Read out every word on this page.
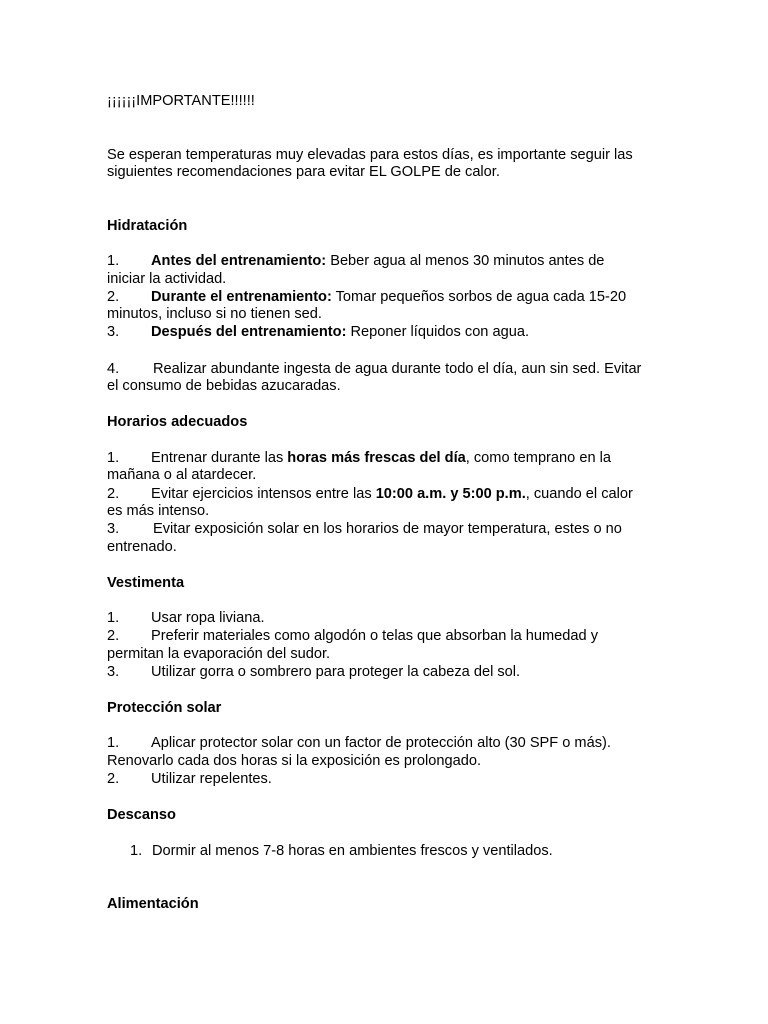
¡¡¡¡¡¡IMPORTANTE!!!!!!
Se esperan temperaturas muy elevadas para estos días, es importante seguir las
siguientes recomendaciones para evitar EL GOLPE de calor.
Hidratación
1. Antes del entrenamiento: Beber agua al menos 30 minutos antes de
iniciar la actividad.
2. Durante el entrenamiento: Tomar pequeños sorbos de agua cada 15-20
minutos, incluso si no tienen sed.
3. Después del entrenamiento: Reponer líquidos con agua.
4. Realizar abundante ingesta de agua durante todo el día, aun sin sed. Evitar
el consumo de bebidas azucaradas.
Horarios adecuados
1. Entrenar durante las horas más frescas del día, como temprano en la
mañana o al atardecer.
2. Evitar ejercicios intensos entre las 10:00 a.m. y 5:00 p.m., cuando el calor
es más intenso.
3. Evitar exposición solar en los horarios de mayor temperatura, estes o no
entrenado.
Vestimenta
1. Usar ropa liviana.
2. Preferir materiales como algodón o telas que absorban la humedad y
permitan la evaporación del sudor.
3. Utilizar gorra o sombrero para proteger la cabeza del sol.
Protección solar
1. Aplicar protector solar con un factor de protección alto (30 SPF o más).
Renovarlo cada dos horas si la exposición es prolongado.
2. Utilizar repelentes.
Descanso
1. Dormir al menos 7-8 horas en ambientes frescos y ventilados.
Alimentación
